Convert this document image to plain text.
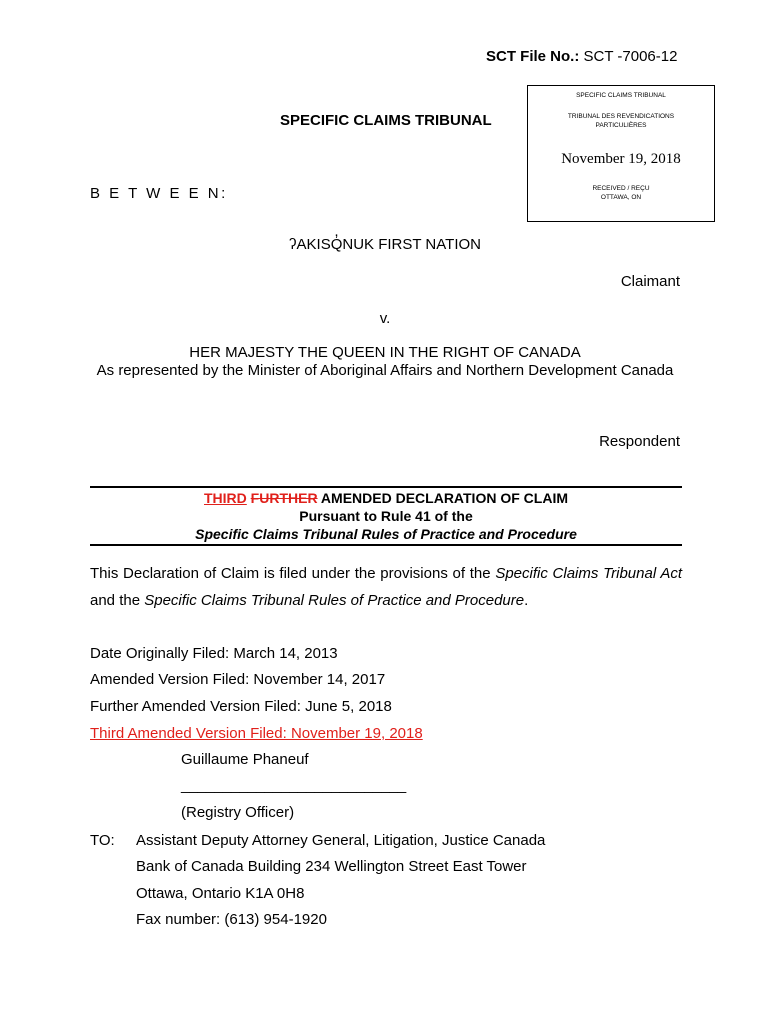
SCT File No.: SCT -7006-12
SPECIFIC CLAIMS TRIBUNAL
TRIBUNAL DES REVENDICATIONS
PARTICULIÈRES
November 19, 2018
RECEIVED / REÇU
OTTAWA, ON
SPECIFIC CLAIMS TRIBUNAL
B E T W E E N:
ʔAKISQ̓NUK FIRST NATION
Claimant
v.
HER MAJESTY THE QUEEN IN THE RIGHT OF CANADA
As represented by the Minister of Aboriginal Affairs and Northern Development Canada
Respondent
THIRD FURTHER AMENDED DECLARATION OF CLAIM
Pursuant to Rule 41 of the
Specific Claims Tribunal Rules of Practice and Procedure
This Declaration of Claim is filed under the provisions of the Specific Claims Tribunal Act and the Specific Claims Tribunal Rules of Practice and Procedure.
Date Originally Filed: March 14, 2013
Amended Version Filed: November 14, 2017
Further Amended Version Filed: June 5, 2018
Third Amended Version Filed: November 19, 2018
Guillaume Phaneuf
___________________________
(Registry Officer)
TO: Assistant Deputy Attorney General, Litigation, Justice Canada
Bank of Canada Building 234 Wellington Street East Tower
Ottawa, Ontario K1A 0H8
Fax number: (613) 954-1920
